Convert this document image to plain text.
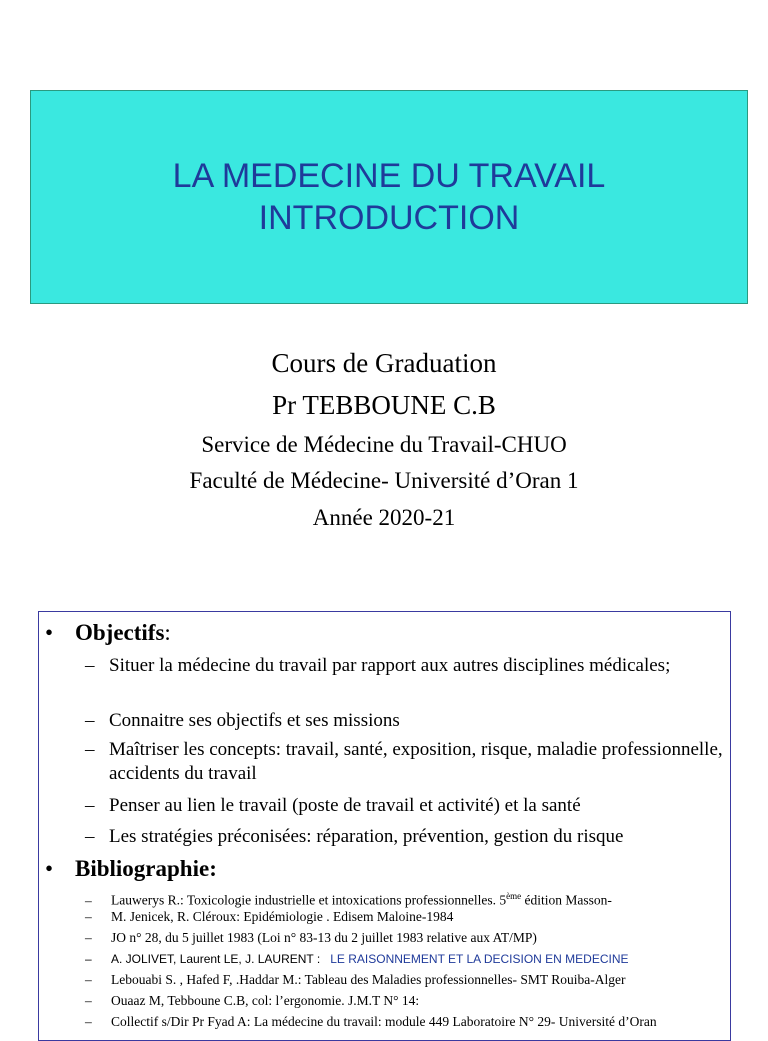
LA MEDECINE DU TRAVAIL
INTRODUCTION
Cours de Graduation
Pr TEBBOUNE C.B
Service de Médecine du Travail-CHUO
Faculté de Médecine- Université d’Oran 1
Année 2020-21
• Objectifs:
– Situer la médecine du travail par rapport aux autres disciplines médicales;
– Connaitre ses objectifs et ses missions
– Maîtriser les concepts: travail, santé, exposition, risque, maladie professionnelle, accidents du travail
– Penser au lien le travail (poste de travail et activité) et la santé
– Les stratégies préconisées: réparation, prévention, gestion du risque
• Bibliographie:
– Lauwerys R.: Toxicologie industrielle et intoxications professionnelles. 5ème édition Masson-
– M. Jenicek, R. Cléroux: Epidémiologie . Edisem Maloine-1984
– JO n° 28, du 5 juillet 1983 (Loi n° 83-13 du 2 juillet 1983 relative aux AT/MP)
– A. JOLIVET, Laurent LE, J. LAURENT : LE RAISONNEMENT ET LA DECISION EN MEDECINE
– Lebouabi S. , Hafed F, .Haddar M.: Tableau des Maladies professionnelles- SMT Rouiba-Alger
– Ouaaz M, Tebboune C.B, col: l’ergonomie. J.M.T N° 14:
– Collectif s/Dir Pr Fyad A: La médecine du travail: module 449 Laboratoire N° 29- Université d’Oran
